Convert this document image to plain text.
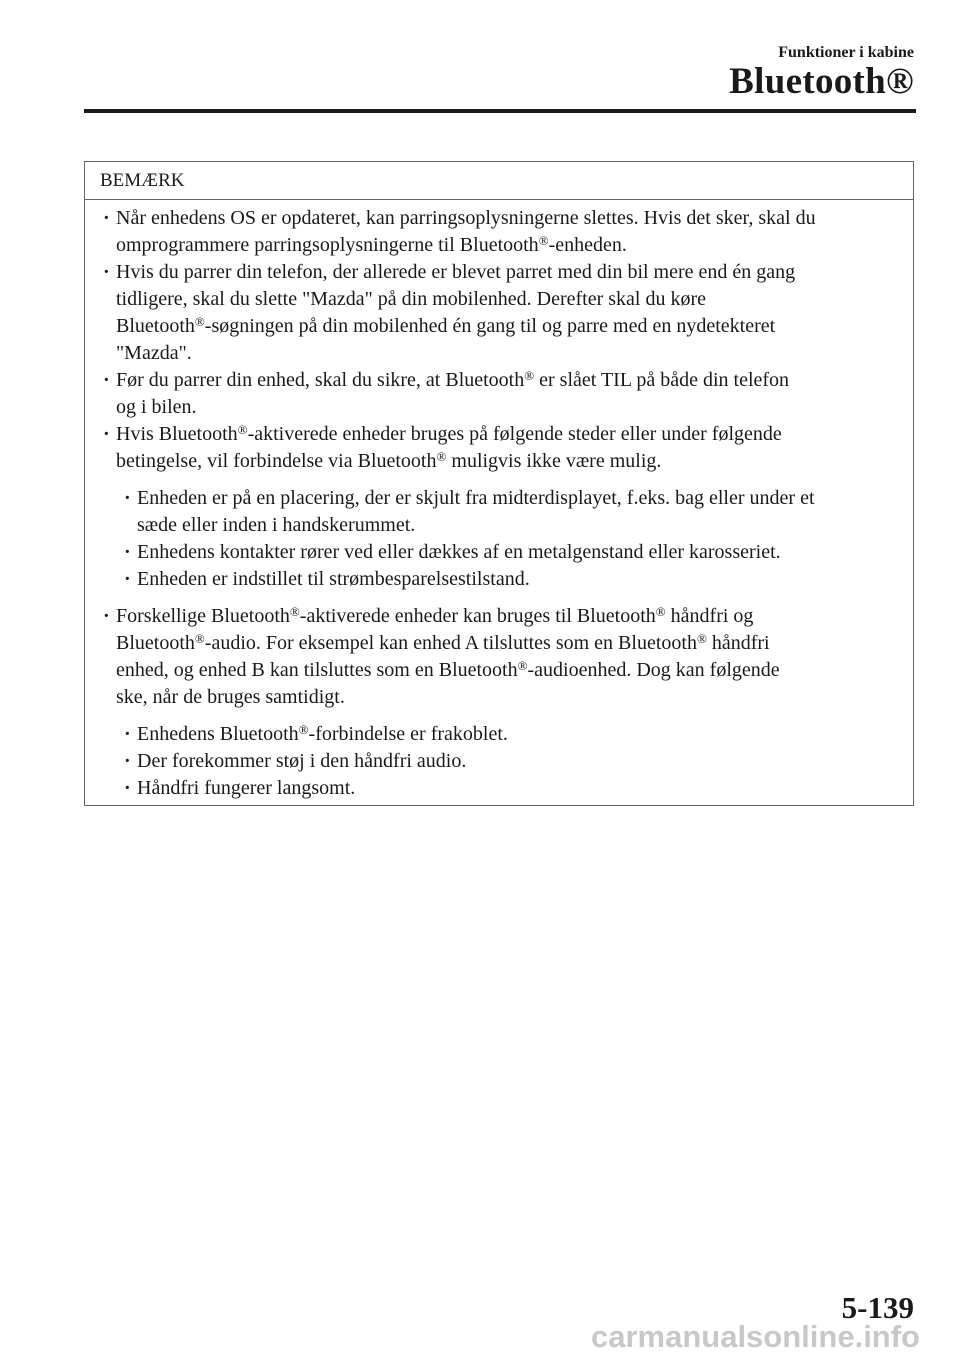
Funktioner i kabine
Bluetooth®
BEMÆRK
· Når enhedens OS er opdateret, kan parringsoplysningerne slettes. Hvis det sker, skal du
omprogrammere parringsoplysningerne til Bluetooth®-enheden.
· Hvis du parrer din telefon, der allerede er blevet parret med din bil mere end én gang
tidligere, skal du slette "Mazda" på din mobilenhed. Derefter skal du køre
Bluetooth®-søgningen på din mobilenhed én gang til og parre med en nydetekteret
"Mazda".
· Før du parrer din enhed, skal du sikre, at Bluetooth® er slået TIL på både din telefon
og i bilen.
· Hvis Bluetooth®-aktiverede enheder bruges på følgende steder eller under følgende
betingelse, vil forbindelse via Bluetooth® muligvis ikke være mulig.
· Enheden er på en placering, der er skjult fra midterdisplayet, f.eks. bag eller under et
sæde eller inden i handskerummet.
· Enhedens kontakter rører ved eller dækkes af en metalgenstand eller karosseriet.
· Enheden er indstillet til strømbesparelsestilstand.
· Forskellige Bluetooth®-aktiverede enheder kan bruges til Bluetooth® håndfri og
Bluetooth®-audio. For eksempel kan enhed A tilsluttes som en Bluetooth® håndfri
enhed, og enhed B kan tilsluttes som en Bluetooth®-audioenhed. Dog kan følgende
ske, når de bruges samtidigt.
· Enhedens Bluetooth®-forbindelse er frakoblet.
· Der forekommer støj i den håndfri audio.
· Håndfri fungerer langsomt.
5-139
carmanualsonline.info
